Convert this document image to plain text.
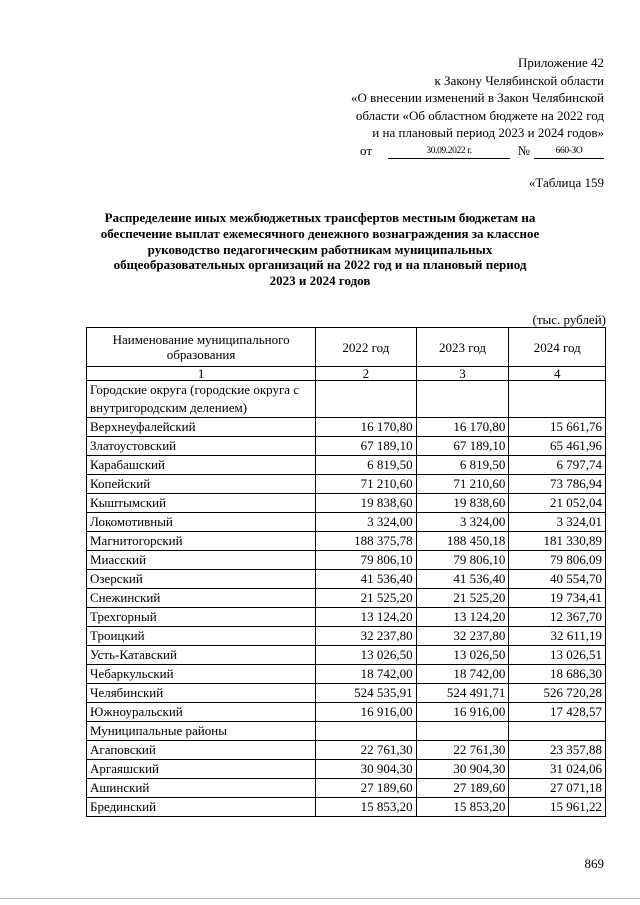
Приложение 42
к Закону Челябинской области
«О внесении изменений в Закон Челябинской
области «Об областном бюджете на 2022 год
и на плановый период 2023 и 2024 годов»
от	30.09.2022 г.	№	660-ЗО
«Таблица 159
Распределение иных межбюджетных трансфертов местным бюджетам на обеспечение выплат ежемесячного денежного вознаграждения за классное руководство педагогическим работникам муниципальных общеобразовательных организаций на 2022 год и на плановый период 2023 и 2024 годов
(тыс. рублей)
Наименование муниципального образования	2022 год	2023 год	2024 год
1	2	3	4
Городские округа (городские округа с внутригородским делением)			
Верхнеуфалейский	16 170,80	16 170,80	15 661,76
Златоустовский	67 189,10	67 189,10	65 461,96
Карабашский	6 819,50	6 819,50	6 797,74
Копейский	71 210,60	71 210,60	73 786,94
Кыштымский	19 838,60	19 838,60	21 052,04
Локомотивный	3 324,00	3 324,00	3 324,01
Магнитогорский	188 375,78	188 450,18	181 330,89
Миасский	79 806,10	79 806,10	79 806,09
Озерский	41 536,40	41 536,40	40 554,70
Снежинский	21 525,20	21 525,20	19 734,41
Трехгорный	13 124,20	13 124,20	12 367,70
Троицкий	32 237,80	32 237,80	32 611,19
Усть-Катавский	13 026,50	13 026,50	13 026,51
Чебаркульский	18 742,00	18 742,00	18 686,30
Челябинский	524 535,91	524 491,71	526 720,28
Южноуральский	16 916,00	16 916,00	17 428,57
Муниципальные районы			
Агаповский	22 761,30	22 761,30	23 357,88
Аргаяшский	30 904,30	30 904,30	31 024,06
Ашинский	27 189,60	27 189,60	27 071,18
Брединский	15 853,20	15 853,20	15 961,22
869
